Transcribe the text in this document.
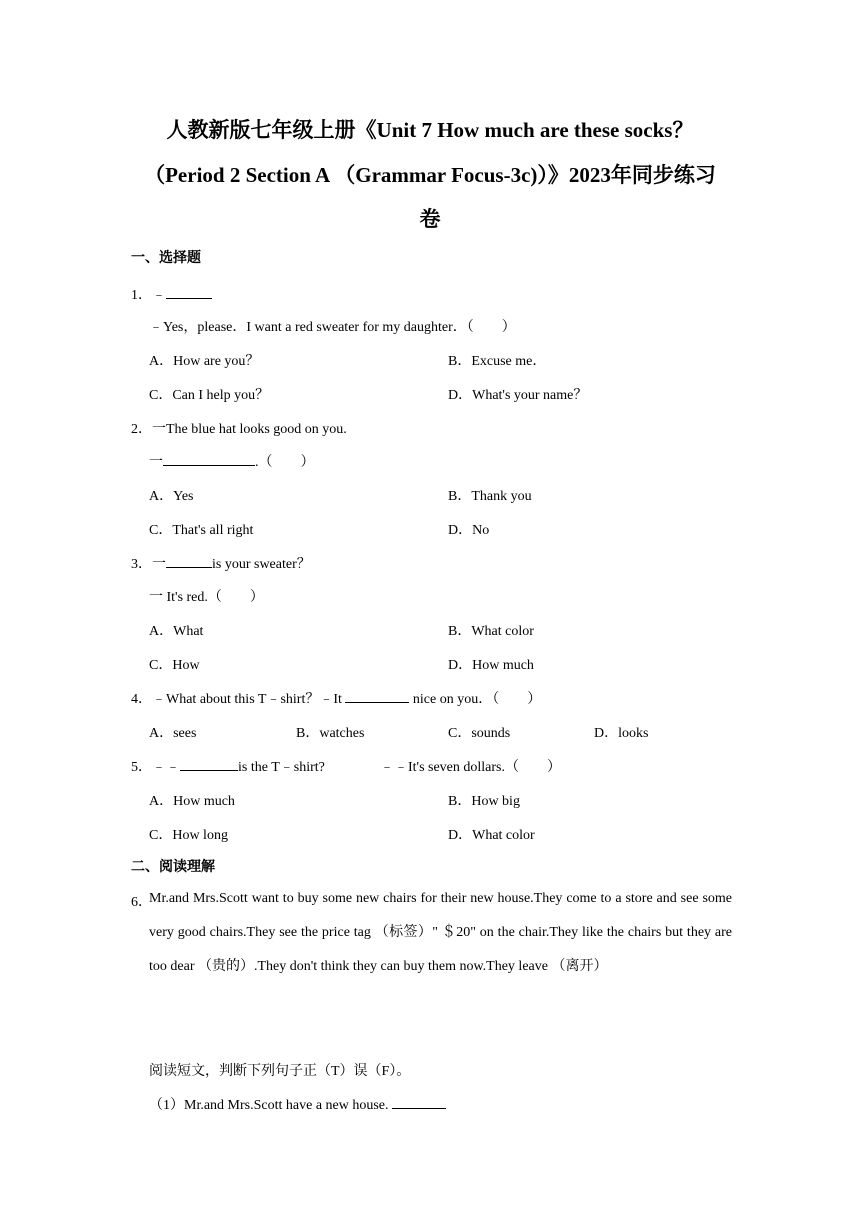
人教新版七年级上册《Unit 7 How much are these socks？
（Period 2 Section A （Grammar Focus-3c)）》2023年同步练习
卷
一、选择题
1．﹣
﹣Yes，please．I want a red sweater for my daughter．（　　）
A．How are you？	B．Excuse me．
C．Can I help you？	D．What's your name？
2．一The blue hat looks good on you.
一	.（　　）
A．Yes	B．Thank you
C．That's all right	D．No
3．一	is your sweater？
一 It's red.（　　）
A．What	B．What color
C．How	D．How much
4．﹣What about this T﹣shirt？﹣It	nice on you．（　　）
A．sees	B．watches	C．sounds	D．looks
5．﹣﹣	is the T﹣shirt?	﹣﹣It's seven dollars.（　　）
A．How much	B．How big
C．How long	D．What color
二、阅读理解
6．
Mr.and Mrs.Scott want to buy some new chairs for their new house.They come to a store and see some very good chairs.They see the price tag （标签）" ＄20" on the chair.They like the chairs but they are too dear （贵的）.They don't think they can buy them now.They leave （离开）
阅读短文，判断下列句子正（T）误（F）。
（1）Mr.and Mrs.Scott have a new house.
